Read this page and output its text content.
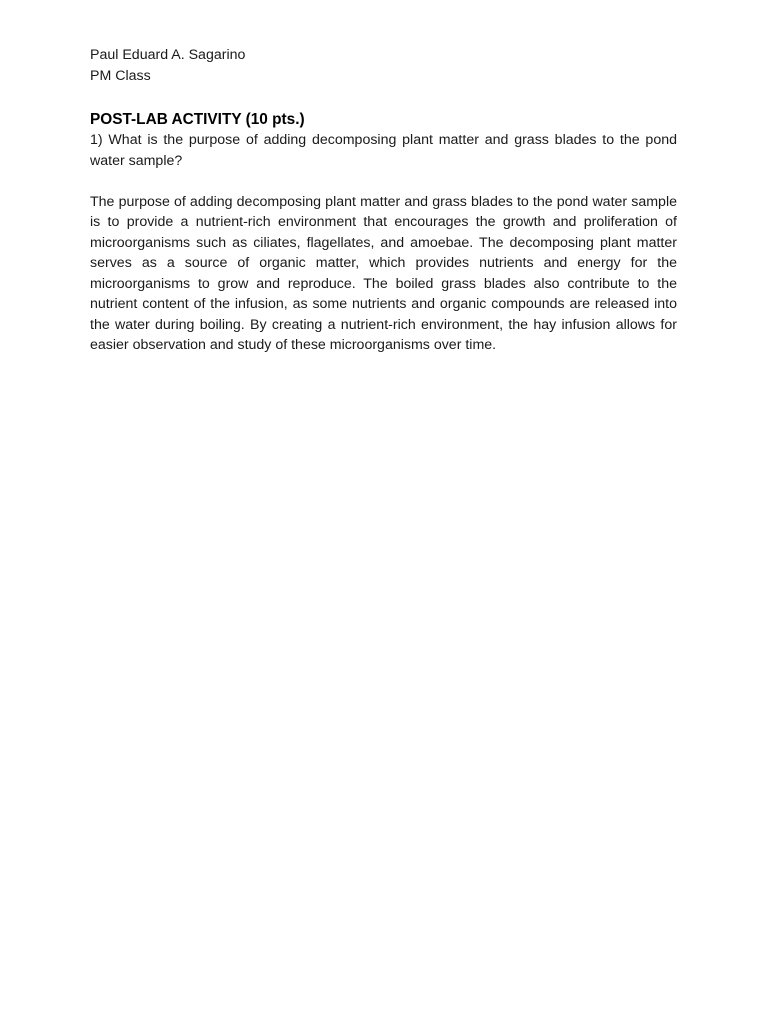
Paul Eduard A. Sagarino

PM Class

POST-LAB ACTIVITY (10 pts.)

1) What is the purpose of adding decomposing plant matter and grass blades to the pond water sample?

The purpose of adding decomposing plant matter and grass blades to the pond water sample is to provide a nutrient-rich environment that encourages the growth and proliferation of microorganisms such as ciliates, flagellates, and amoebae. The decomposing plant matter serves as a source of organic matter, which provides nutrients and energy for the microorganisms to grow and reproduce. The boiled grass blades also contribute to the nutrient content of the infusion, as some nutrients and organic compounds are released into the water during boiling. By creating a nutrient-rich environment, the hay infusion allows for easier observation and study of these microorganisms over time.
